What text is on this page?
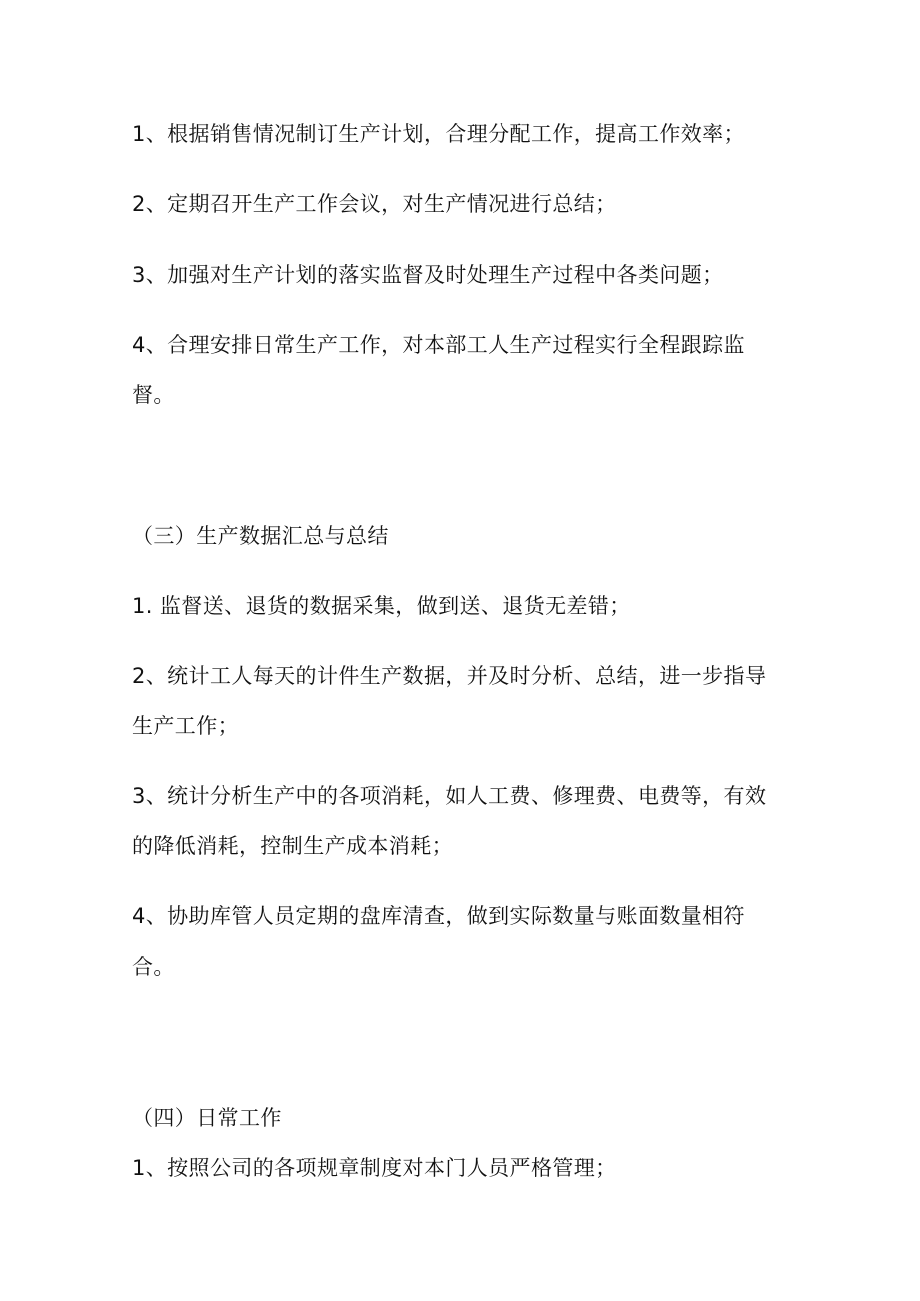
1、根据销售情况制订生产计划，合理分配工作，提高工作效率；
2、定期召开生产工作会议，对生产情况进行总结；
3、加强对生产计划的落实监督及时处理生产过程中各类问题；
4、合理安排日常生产工作，对本部工人生产过程实行全程跟踪监
督。
（三）生产数据汇总与总结
1. 监督送、退货的数据采集，做到送、退货无差错；
2、统计工人每天的计件生产数据，并及时分析、总结，进一步指导
生产工作；
3、统计分析生产中的各项消耗，如人工费、修理费、电费等，有效
的降低消耗，控制生产成本消耗；
4、协助库管人员定期的盘库清查，做到实际数量与账面数量相符
合。
（四）日常工作
1、按照公司的各项规章制度对本门人员严格管理；
